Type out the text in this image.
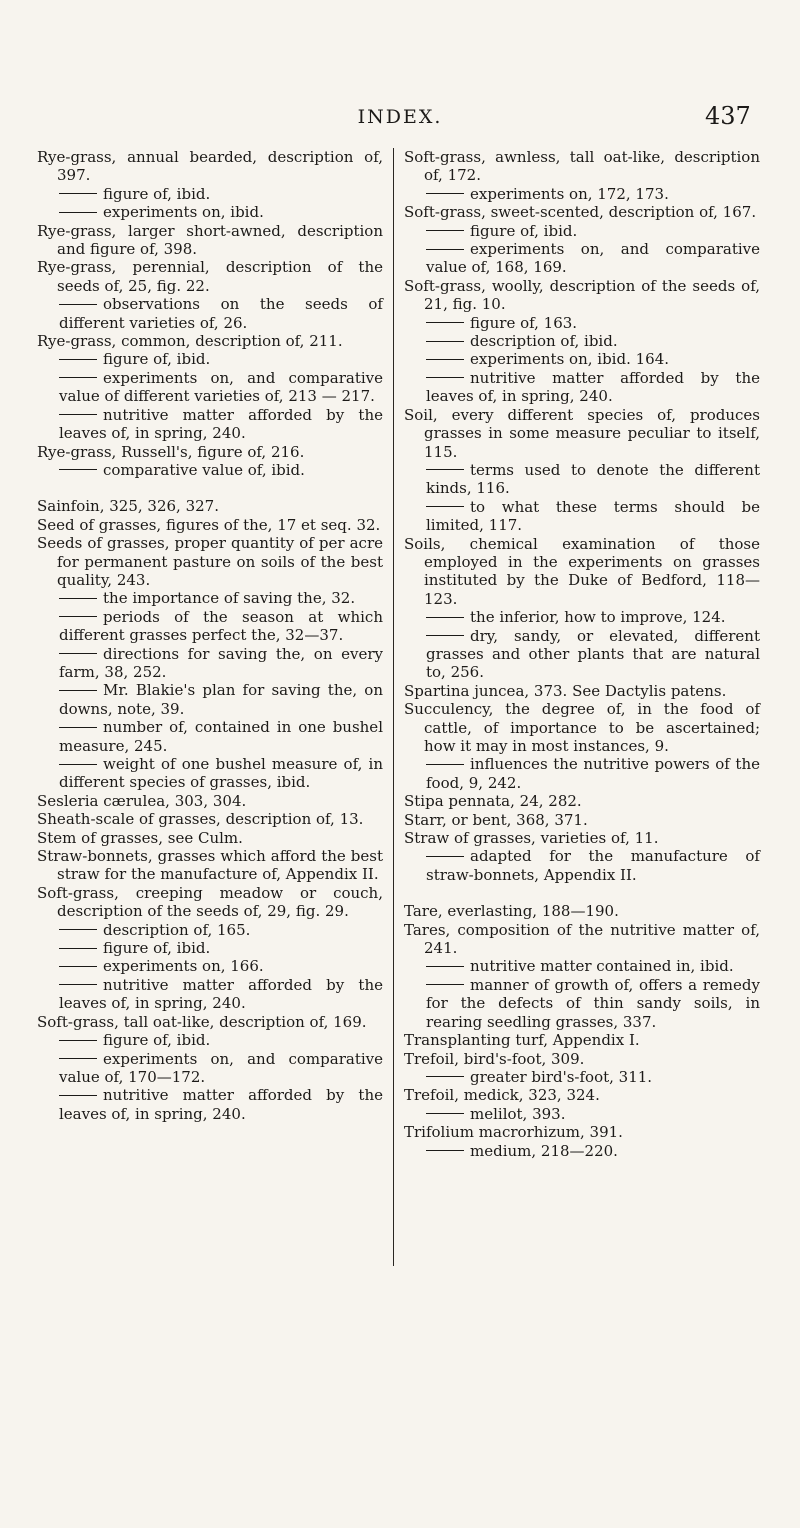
INDEX.	437
Rye-grass, annual bearded, description of, 397.
figure of, ibid.
experiments on, ibid.
Rye-grass, larger short-awned, description and figure of, 398.
Rye-grass, perennial, description of the seeds of, 25, fig. 22.
observations on the seeds of different varieties of, 26.
Rye-grass, common, description of, 211.
figure of, ibid.
experiments on, and comparative value of different varieties of, 213 — 217.
nutritive matter afforded by the leaves of, in spring, 240.
Rye-grass, Russell's, figure of, 216.
comparative value of, ibid.
Sainfoin, 325, 326, 327.
Seed of grasses, figures of the, 17 et seq. 32.
Seeds of grasses, proper quantity of per acre for permanent pasture on soils of the best quality, 243.
the importance of saving the, 32.
periods of the season at which different grasses perfect the, 32—37.
directions for saving the, on every farm, 38, 252.
Mr. Blakie's plan for saving the, on downs, note, 39.
number of, contained in one bushel measure, 245.
weight of one bushel measure of, in different species of grasses, ibid.
Sesleria cærulea, 303, 304.
Sheath-scale of grasses, description of, 13.
Stem of grasses, see Culm.
Straw-bonnets, grasses which afford the best straw for the manufacture of, Appendix II.
Soft-grass, creeping meadow or couch, description of the seeds of, 29, fig. 29.
description of, 165.
figure of, ibid.
experiments on, 166.
nutritive matter afforded by the leaves of, in spring, 240.
Soft-grass, tall oat-like, description of, 169.
figure of, ibid.
experiments on, and comparative value of, 170—172.
nutritive matter afforded by the leaves of, in spring, 240.
Soft-grass, awnless, tall oat-like, description of, 172.
experiments on, 172, 173.
Soft-grass, sweet-scented, description of, 167.
figure of, ibid.
experiments on, and comparative value of, 168, 169.
Soft-grass, woolly, description of the seeds of, 21, fig. 10.
figure of, 163.
description of, ibid.
experiments on, ibid. 164.
nutritive matter afforded by the leaves of, in spring, 240.
Soil, every different species of, produces grasses in some measure peculiar to itself, 115.
terms used to denote the different kinds, 116.
to what these terms should be limited, 117.
Soils, chemical examination of those employed in the experiments on grasses instituted by the Duke of Bedford, 118—123.
the inferior, how to improve, 124.
dry, sandy, or elevated, different grasses and other plants that are natural to, 256.
Spartina juncea, 373. See Dactylis patens.
Succulency, the degree of, in the food of cattle, of importance to be ascertained; how it may in most instances, 9.
influences the nutritive powers of the food, 9, 242.
Stipa pennata, 24, 282.
Starr, or bent, 368, 371.
Straw of grasses, varieties of, 11.
adapted for the manufacture of straw-bonnets, Appendix II.
Tare, everlasting, 188—190.
Tares, composition of the nutritive matter of, 241.
nutritive matter contained in, ibid.
manner of growth of, offers a remedy for the defects of thin sandy soils, in rearing seedling grasses, 337.
Transplanting turf, Appendix I.
Trefoil, bird's-foot, 309.
greater bird's-foot, 311.
Trefoil, medick, 323, 324.
melilot, 393.
Trifolium macrorhizum, 391.
medium, 218—220.
